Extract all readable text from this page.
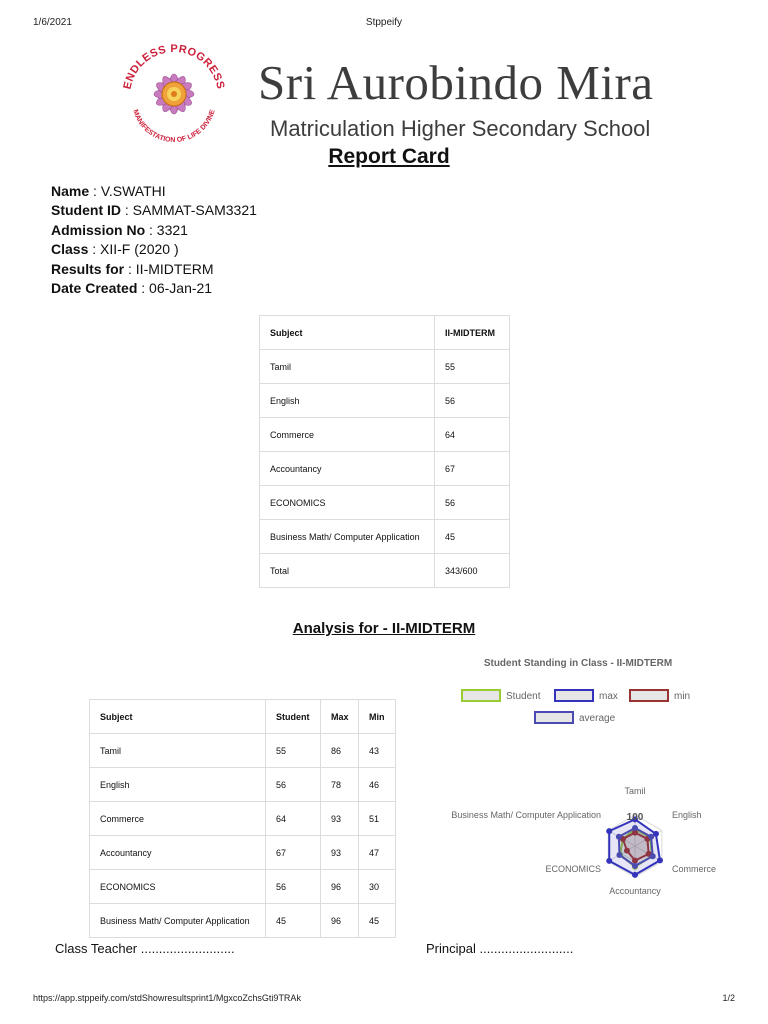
1/6/2021	Stppeify
ENDLESS PROGRESS
MANIFESTATION OF LIFE DIVINE
Sri Aurobindo Mira
Matriculation Higher Secondary School
Report Card
Name : V.SWATHI
Student ID : SAMMAT-SAM3321
Admission No : 3321
Class : XII-F (2020 )
Results for : II-MIDTERM
Date Created : 06-Jan-21
Subject	II-MIDTERM
Tamil	55
English	56
Commerce	64
Accountancy	67
ECONOMICS	56
Business Math/ Computer Application	45
Total	343/600
Analysis for - II-MIDTERM
Subject	Student	Max	Min
Tamil	55	86	43
English	56	78	46
Commerce	64	93	51
Accountancy	67	93	47
ECONOMICS	56	96	30
Business Math/ Computer Application	45	96	45
Student Standing in Class - II-MIDTERM
Student	max	min
average
100
Tamil
English
Commerce
Accountancy
ECONOMICS
Business Math/ Computer Application
Class Teacher ..........................	Principal ..........................
https://app.stppeify.com/stdShowresultsprint1/MgxcoZchsGti9TRAk	1/2
